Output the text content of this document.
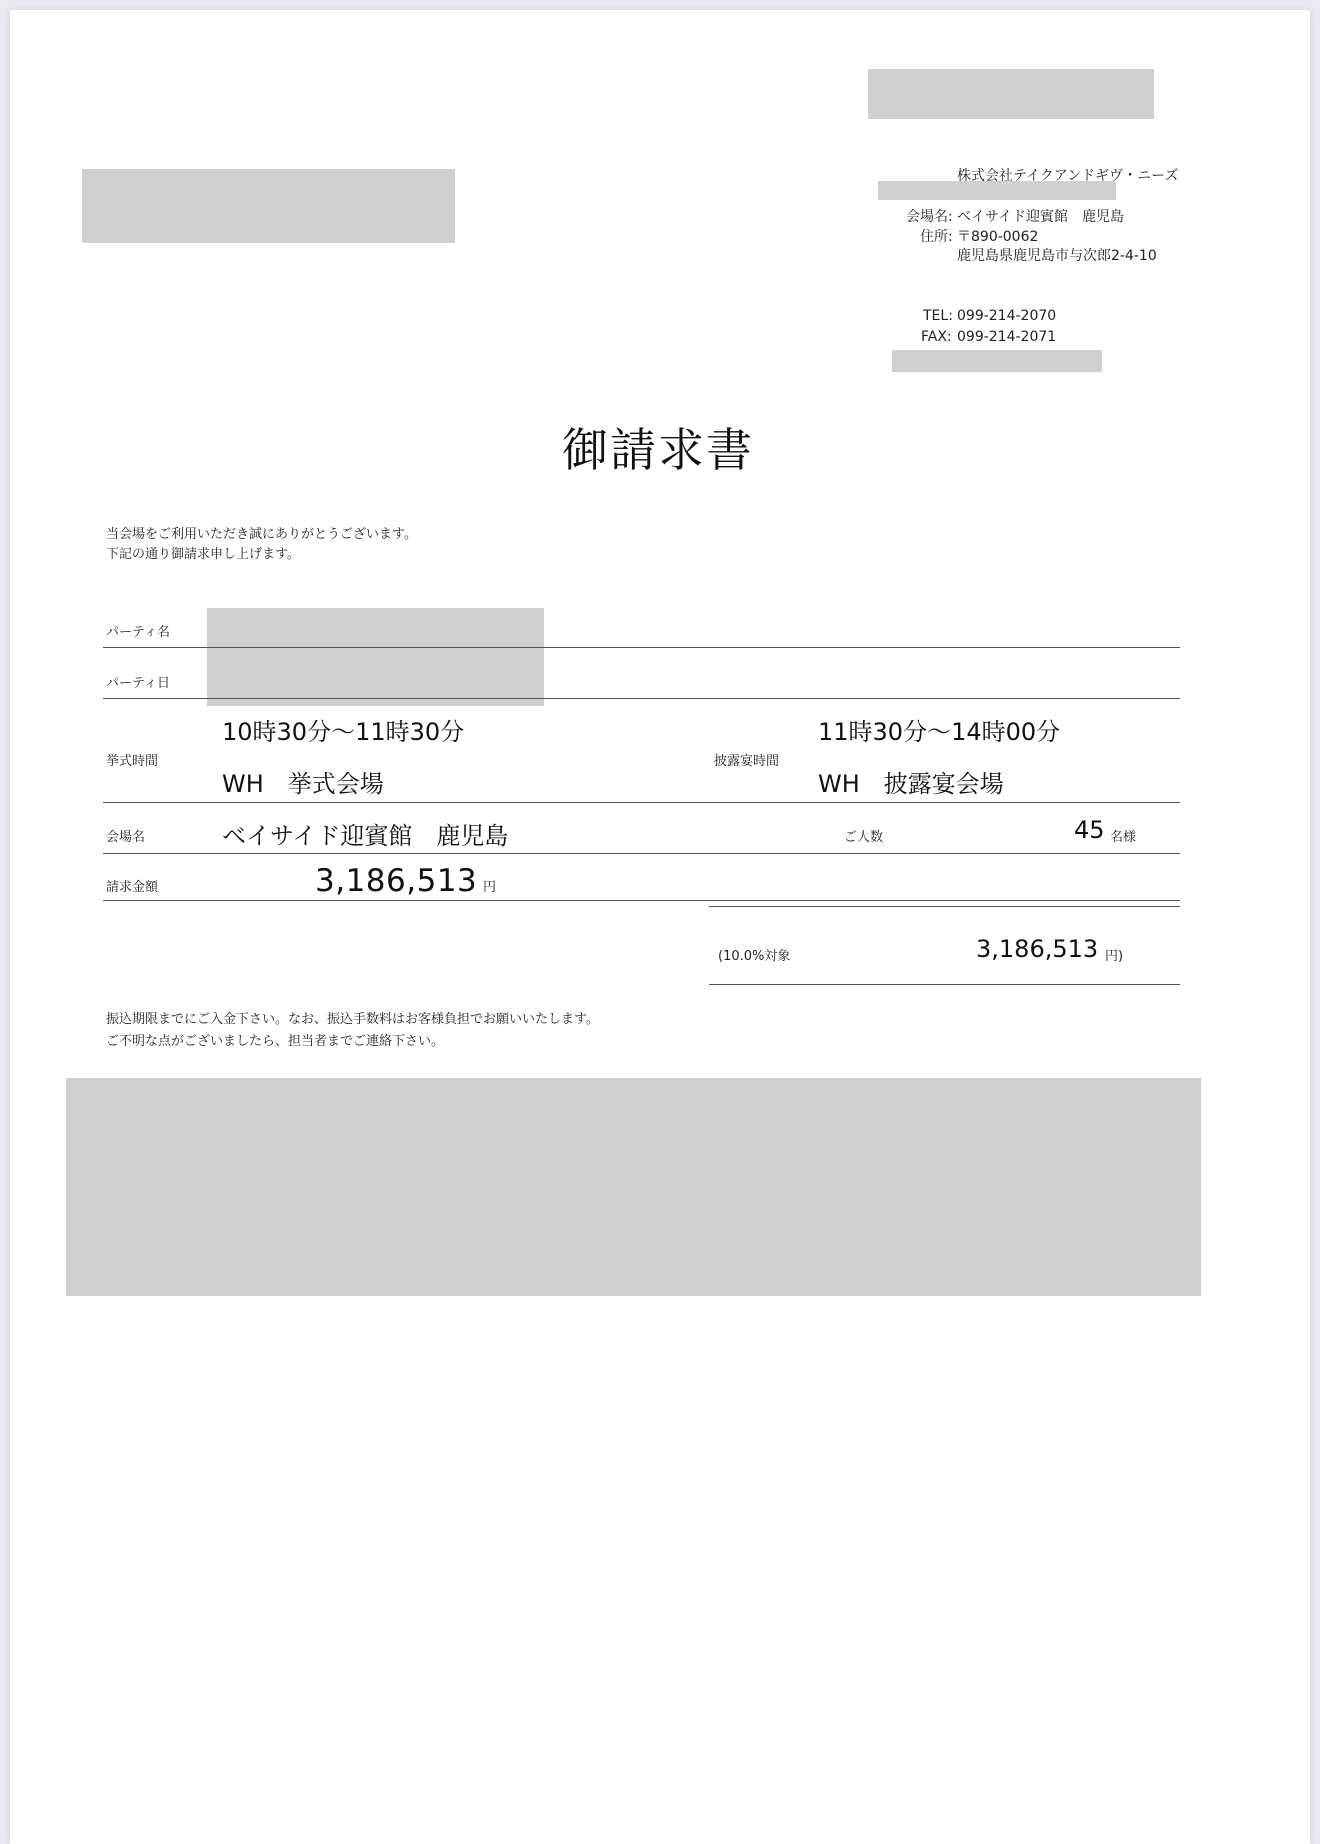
株式会社テイクアンドギヴ・ニーズ
会場名: ベイサイド迎賓館　鹿児島
住所: 〒890-0062
鹿児島県鹿児島市与次郎2-4-10
TEL: 099-214-2070
FAX: 099-214-2071
御請求書
当会場をご利用いただき誠にありがとうございます。
下記の通り御請求申し上げます。
パーティ名
パーティ日
挙式時間
10時30分～11時30分
WH　挙式会場
披露宴時間
11時30分～14時00分
WH　披露宴会場
会場名	ベイサイド迎賓館　鹿児島	ご人数	45 名様
請求金額	3,186,513 円
(10.0%対象	3,186,513 円)
振込期限までにご入金下さい。なお、振込手数料はお客様負担でお願いいたします。
ご不明な点がございましたら、担当者までご連絡下さい。
